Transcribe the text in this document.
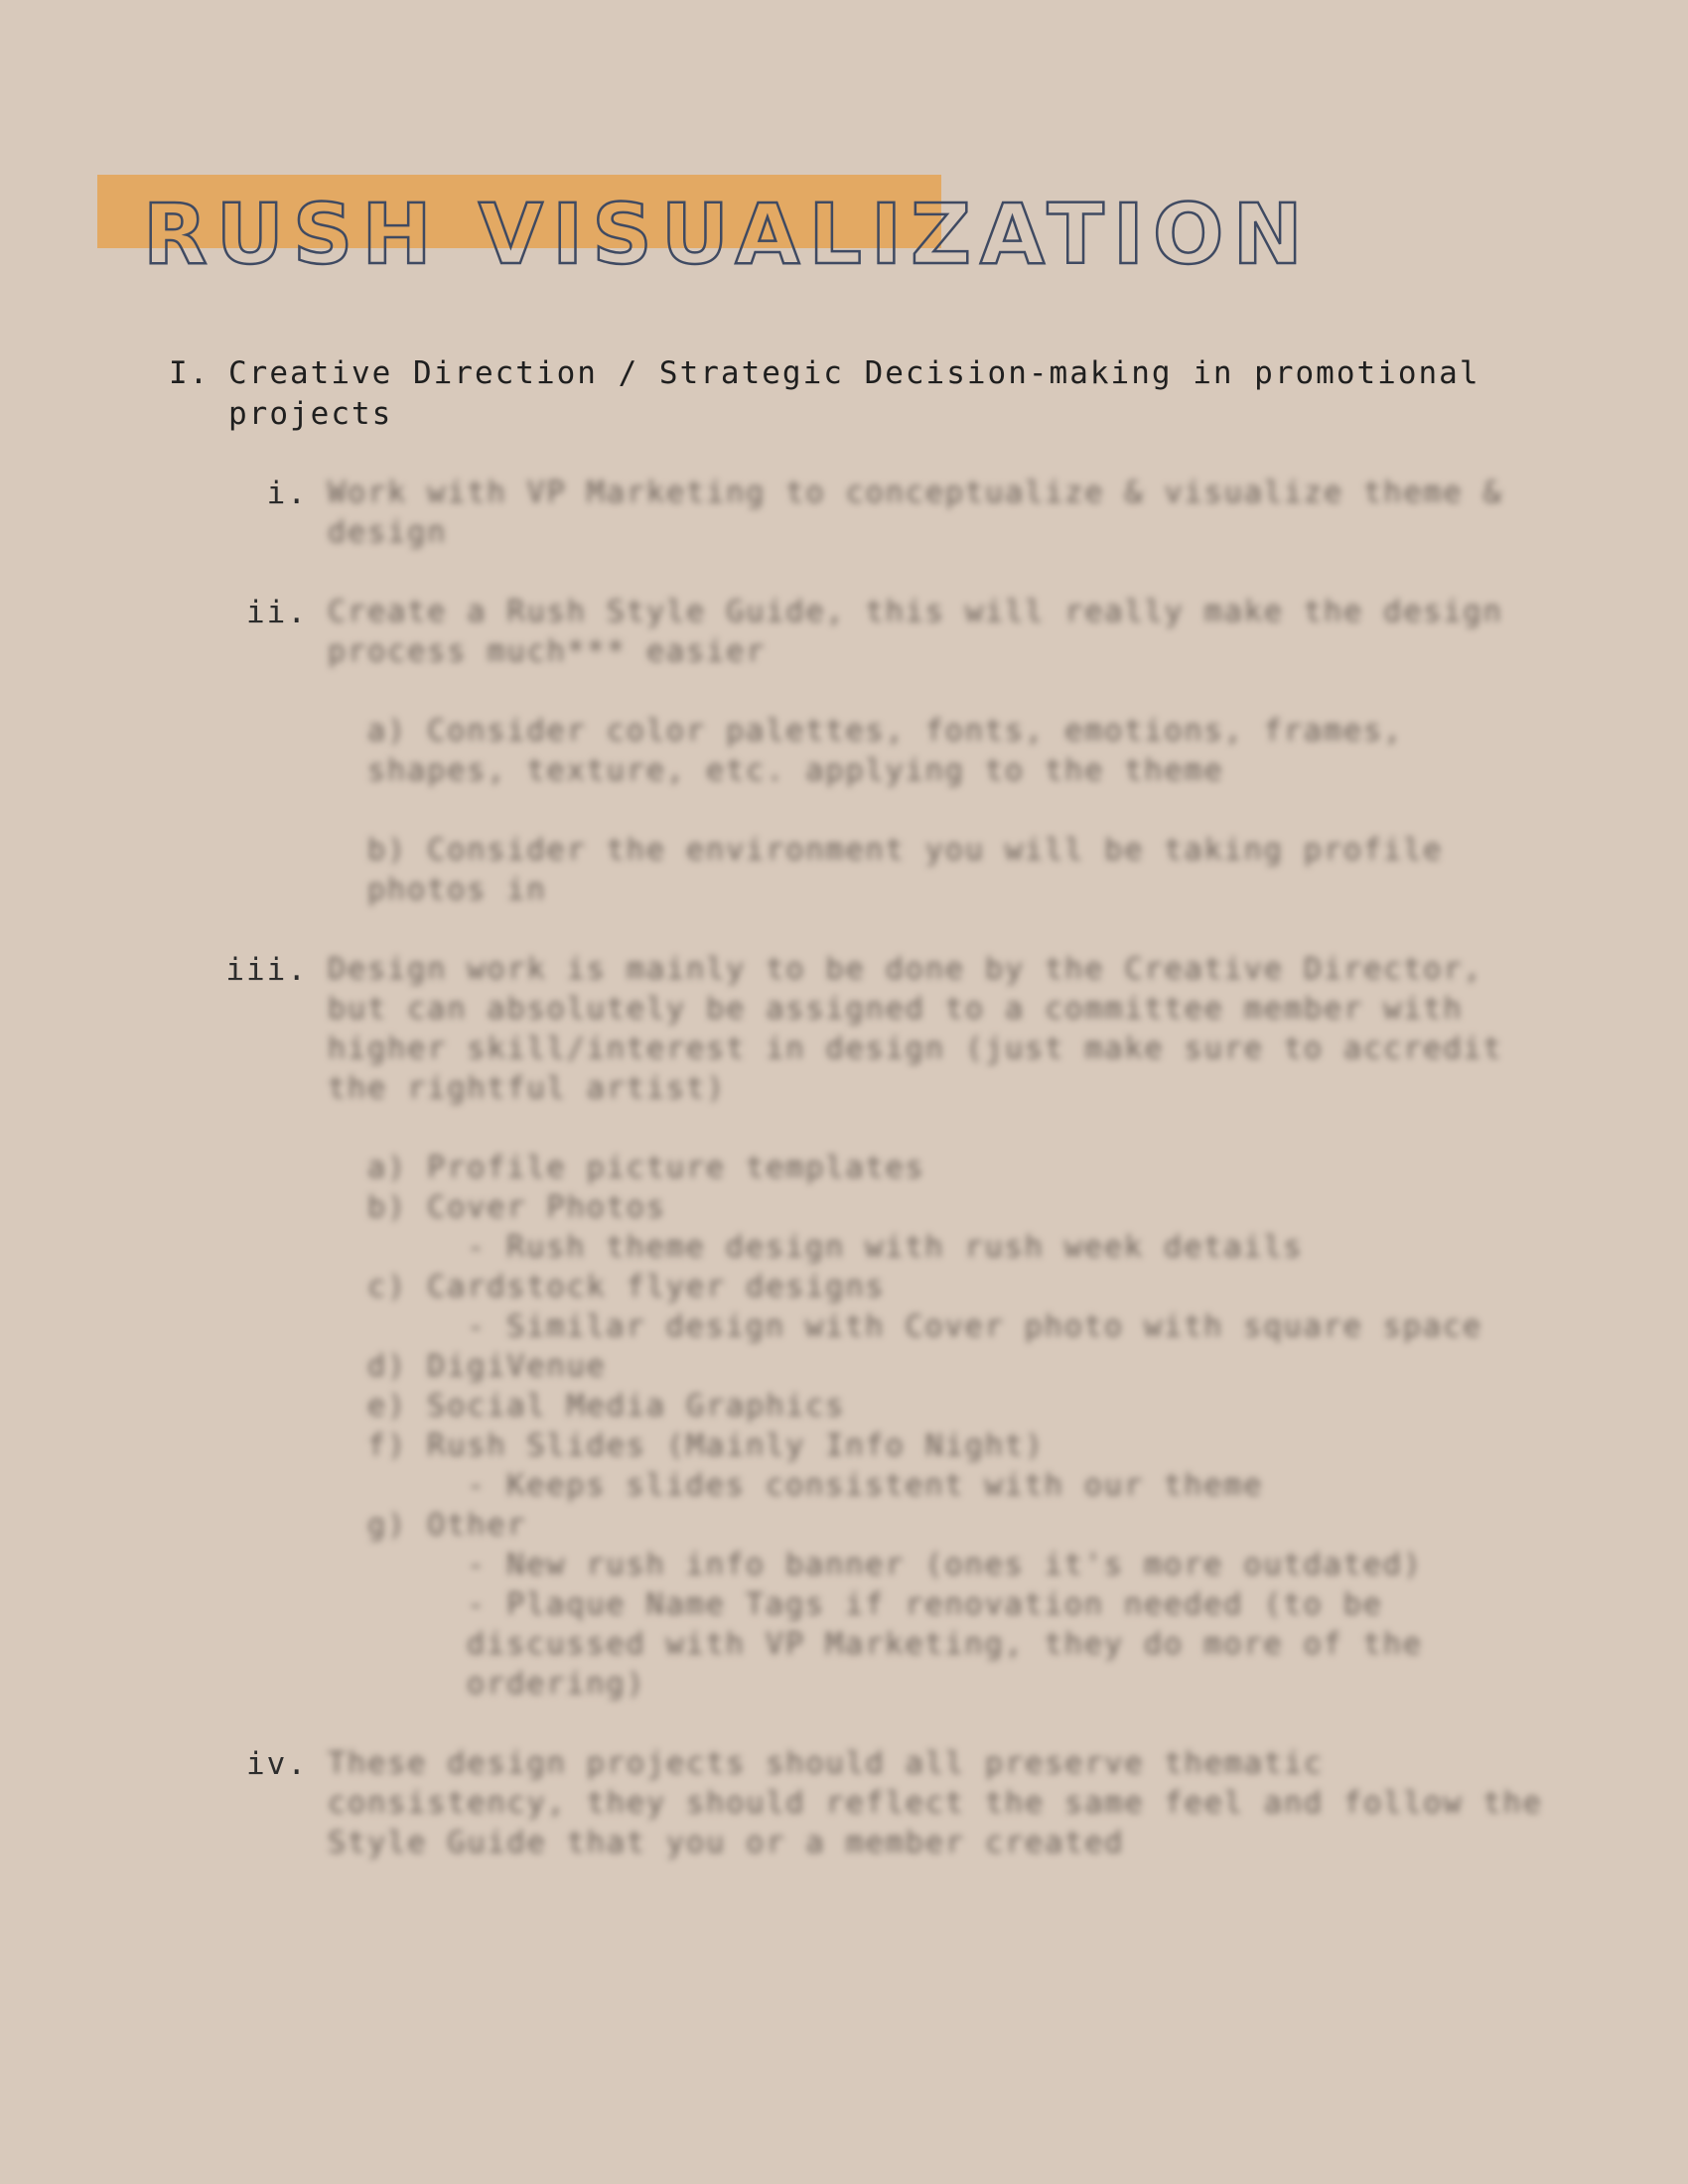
RUSH VISUALIZATION
I. Creative Direction / Strategic Decision-making in promotional projects
i. Work with VP Marketing to conceptualize & visualize theme &
design
ii. Create a Rush Style Guide, this will really make the design
process much*** easier
a) Consider color palettes, fonts, emotions, frames,
shapes, texture, etc. applying to the theme
b) Consider the environment you will be taking profile
photos in
iii. Design work is mainly to be done by the Creative Director,
but can absolutely be assigned to a committee member with
higher skill/interest in design (just make sure to accredit
the rightful artist)
a) Profile picture templates
b) Cover Photos
- Rush theme design with rush week details
c) Cardstock flyer designs
- Similar design with Cover photo with square space
d) DigiVenue
e) Social Media Graphics
f) Rush Slides (Mainly Info Night)
- Keeps slides consistent with our theme
g) Other
- New rush info banner (ones it's more outdated)
- Plaque Name Tags if renovation needed (to be
discussed with VP Marketing, they do more of the
ordering)
iv. These design projects should all preserve thematic
consistency, they should reflect the same feel and follow the
Style Guide that you or a member created
